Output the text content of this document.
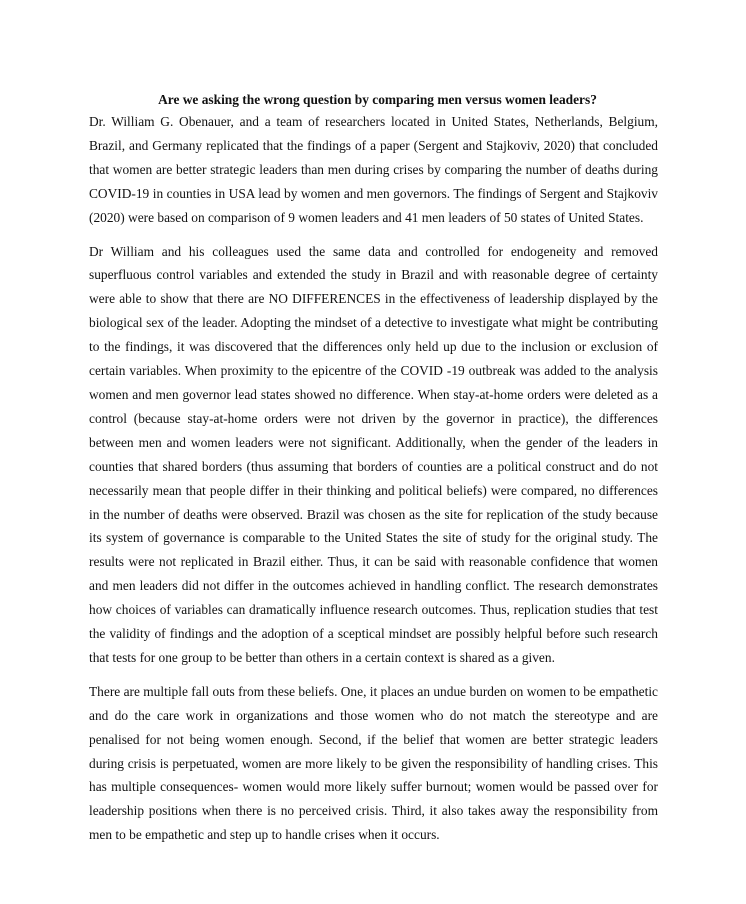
Are we asking the wrong question by comparing men versus women leaders?

Dr. William G. Obenauer, and a team of researchers located in United States, Netherlands, Belgium, Brazil, and Germany replicated that the findings of a paper (Sergent and Stajkoviv, 2020) that concluded that women are better strategic leaders than men during crises by comparing the number of deaths during COVID-19 in counties in USA lead by women and men governors. The findings of Sergent and Stajkoviv (2020) were based on comparison of 9 women leaders and 41 men leaders of 50 states of United States.

Dr William and his colleagues used the same data and controlled for endogeneity and removed superfluous control variables and extended the study in Brazil and with reasonable degree of certainty were able to show that there are NO DIFFERENCES in the effectiveness of leadership displayed by the biological sex of the leader. Adopting the mindset of a detective to investigate what might be contributing to the findings, it was discovered that the differences only held up due to the inclusion or exclusion of certain variables. When proximity to the epicentre of the COVID -19 outbreak was added to the analysis women and men governor lead states showed no difference. When stay-at-home orders were deleted as a control (because stay-at-home orders were not driven by the governor in practice), the differences between men and women leaders were not significant. Additionally, when the gender of the leaders in counties that shared borders (thus assuming that borders of counties are a political construct and do not necessarily mean that people differ in their thinking and political beliefs) were compared, no differences in the number of deaths were observed. Brazil was chosen as the site for replication of the study because its system of governance is comparable to the United States the site of study for the original study. The results were not replicated in Brazil either. Thus, it can be said with reasonable confidence that women and men leaders did not differ in the outcomes achieved in handling conflict. The research demonstrates how choices of variables can dramatically influence research outcomes. Thus, replication studies that test the validity of findings and the adoption of a sceptical mindset are possibly helpful before such research that tests for one group to be better than others in a certain context is shared as a given.

There are multiple fall outs from these beliefs. One, it places an undue burden on women to be empathetic and do the care work in organizations and those women who do not match the stereotype and are penalised for not being women enough. Second, if the belief that women are better strategic leaders during crisis is perpetuated, women are more likely to be given the responsibility of handling crises. This has multiple consequences- women would more likely suffer burnout; women would be passed over for leadership positions when there is no perceived crisis. Third, it also takes away the responsibility from men to be empathetic and step up to handle crises when it occurs.
